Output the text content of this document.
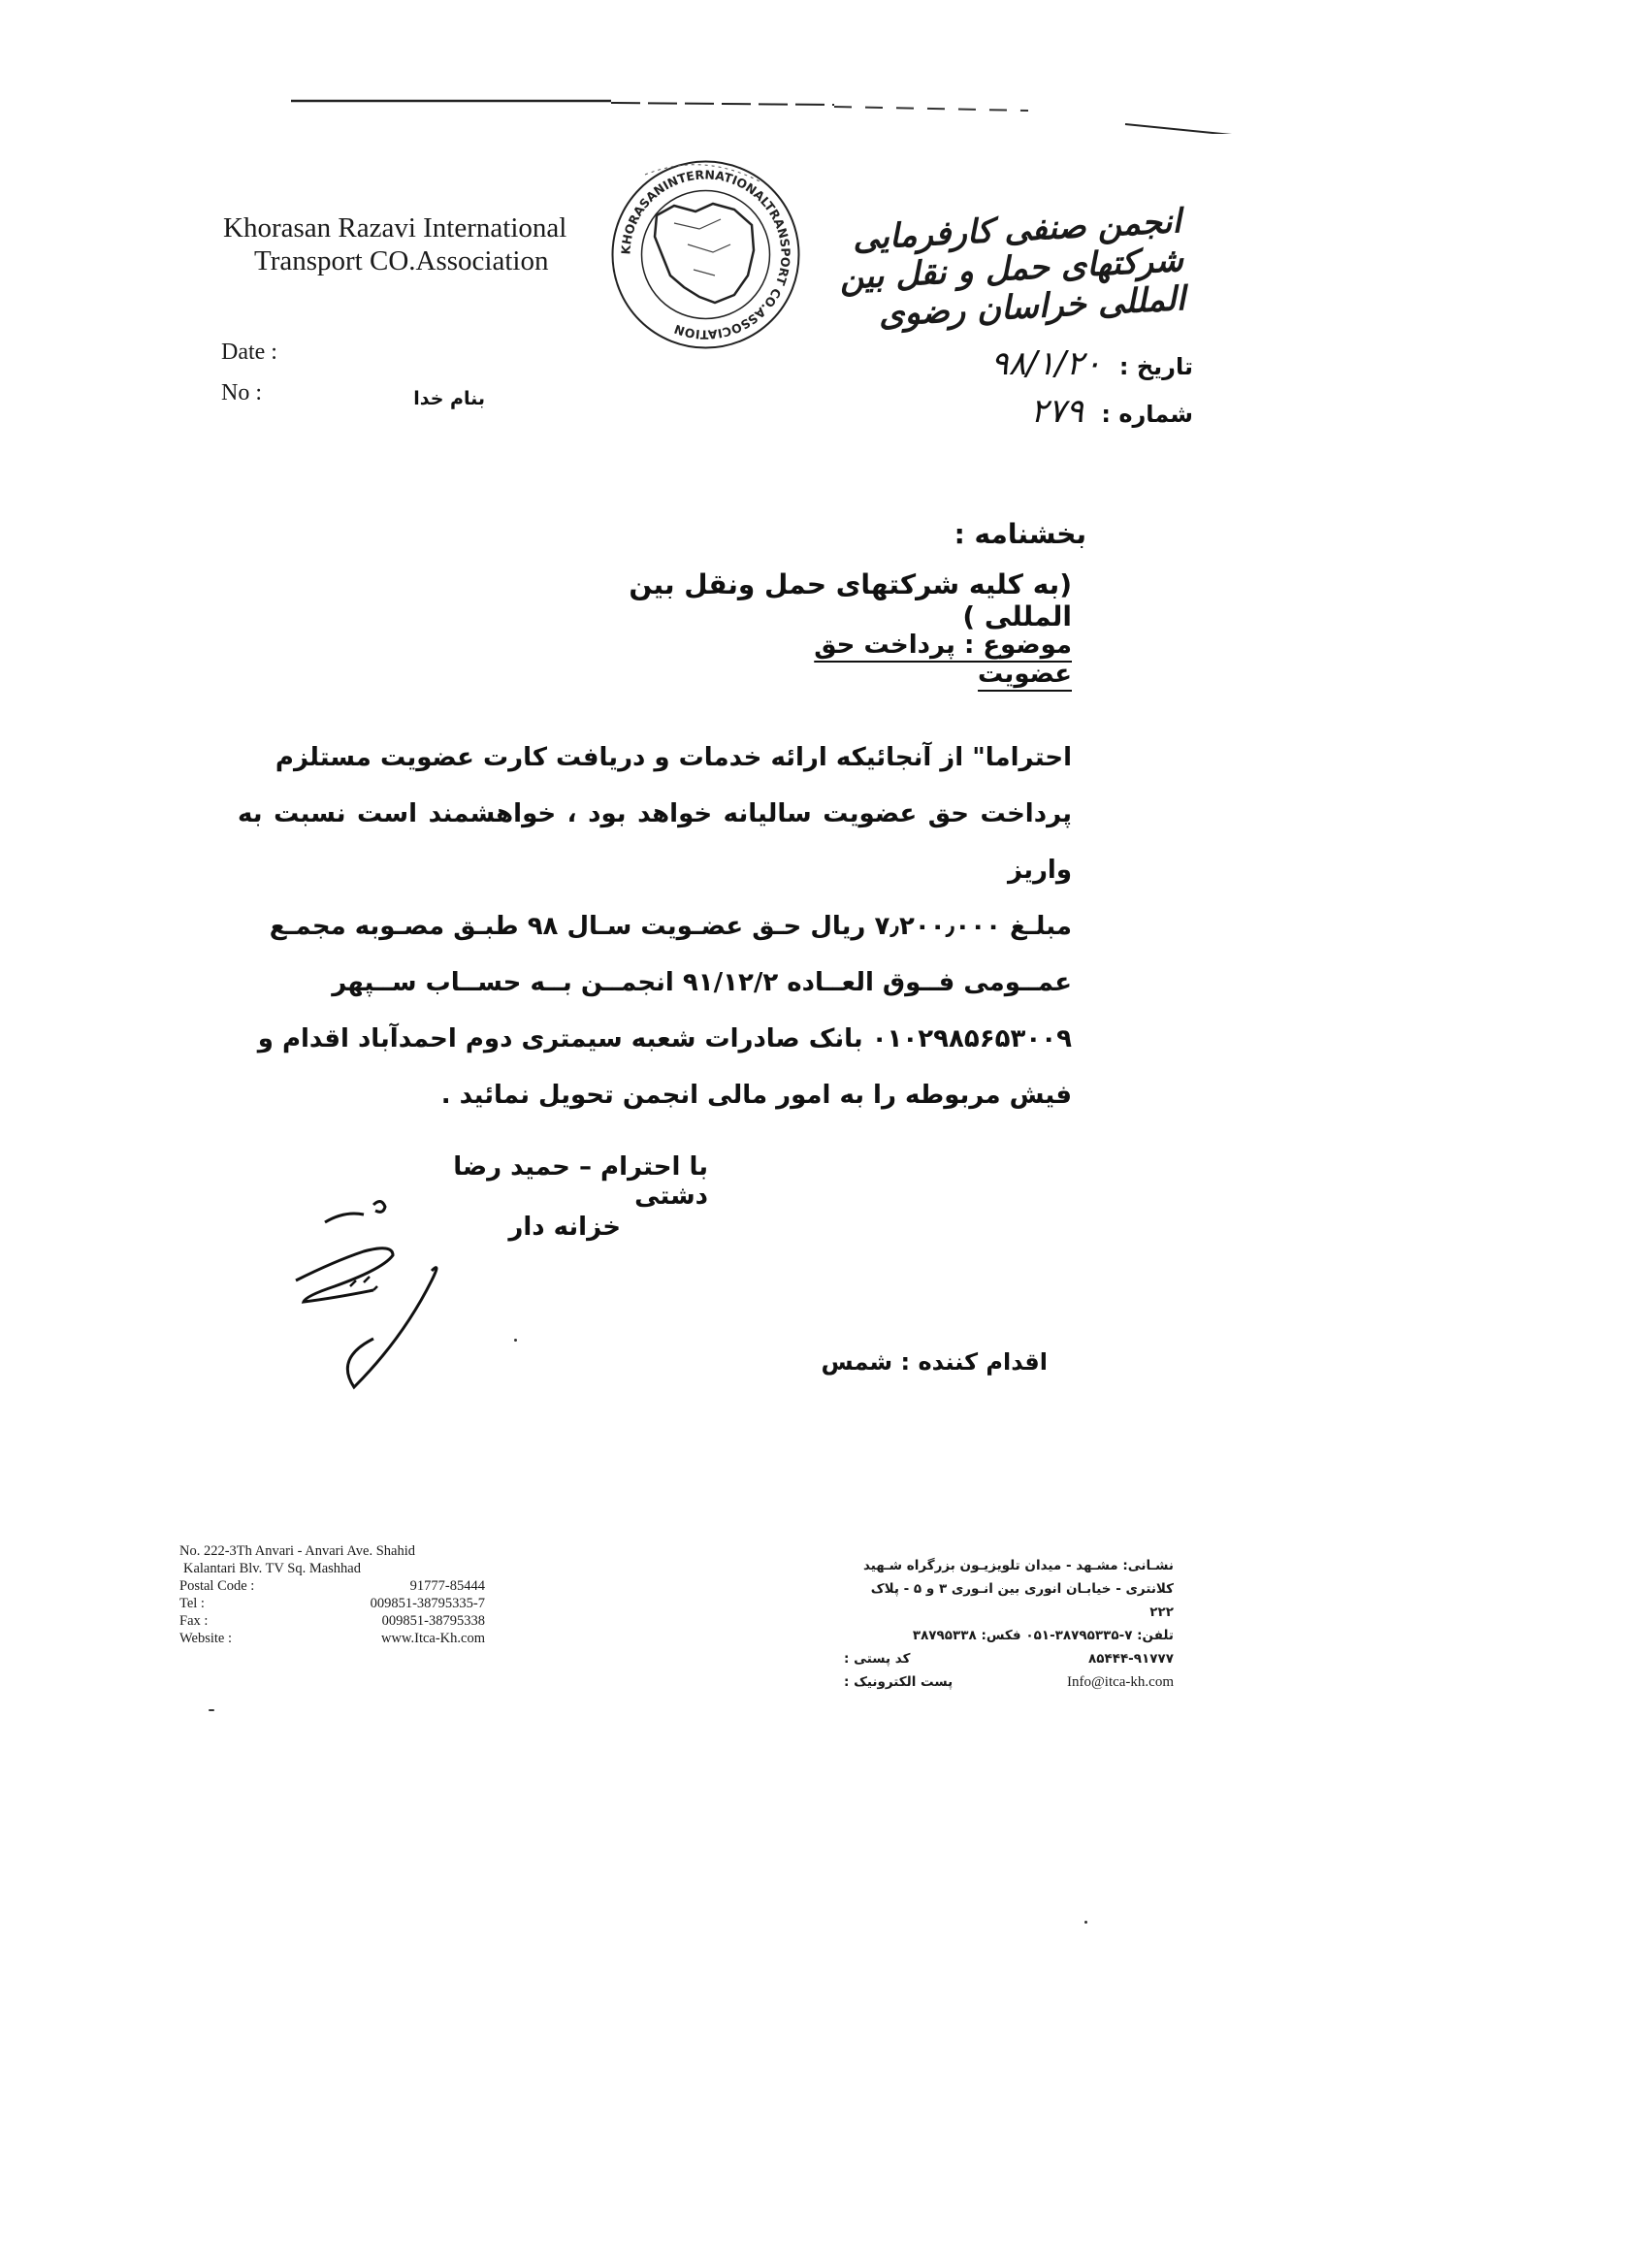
Khorasan Razavi International
Transport CO.Association	KHORASANINTERNATIONALTRANSPORT CO.ASSOCIATION
انجمن صنفی کارفرمایی شرکتهای حمل و نقل بین المللی خراسان رضوی
Date :
No :
تاریخ : ۹۸/۱/۲۰
شماره : ۲۷۹
بنام خدا
بخشنامه :
(به کلیه شرکتهای حمل ونقل بین المللی )
موضوع : پرداخت حق عضویت

احتراما" از آنجائیکه ارائه خدمات و دریافت کارت عضویت مستلزم

پرداخت حق عضویت سالیانه خواهد بود ، خواهشمند است نسبت به واریز

مبلـغ ۷٫۲۰۰٫۰۰۰ ریال حـق عضـویت سـال ۹۸ طبـق مصـوبه مجمـع

عمــومی فــوق العــاده ۹۱/۱۲/۲ انجمــن بــه حســاب ســپهر

۰۱۰۲۹۸۵۶۵۳۰۰۹ بانک صادرات شعبه سیمتری دوم احمدآباد اقدام و

فیش مربوطه را به امور مالی انجمن تحویل نمائید .

با احترام – حمید رضا دشتی
خزانه دار
اقدام کننده : شمس
No. 222-3Th Anvari - Anvari Ave. Shahid
Kalantari Blv. TV Sq. Mashhad
Postal Code :	91777-85444
Tel :	009851-38795335-7
Fax :	009851-38795338
Website :	www.Itca-Kh.com
نشـانی: مشـهد - میدان تلویزیـون بزرگراه شـهید
کلانتری - خیابـان انوری بین انـوری ۳ و ۵ - پلاک ۲۲۲
تلفن: ۷-۳۸۷۹۵۳۳۵-۰۵۱ فکس: ۳۸۷۹۵۳۳۸
کد پستی :	۸۵۴۴۴-۹۱۷۷۷
پست الکترونیک :	Info@itca-kh.com
